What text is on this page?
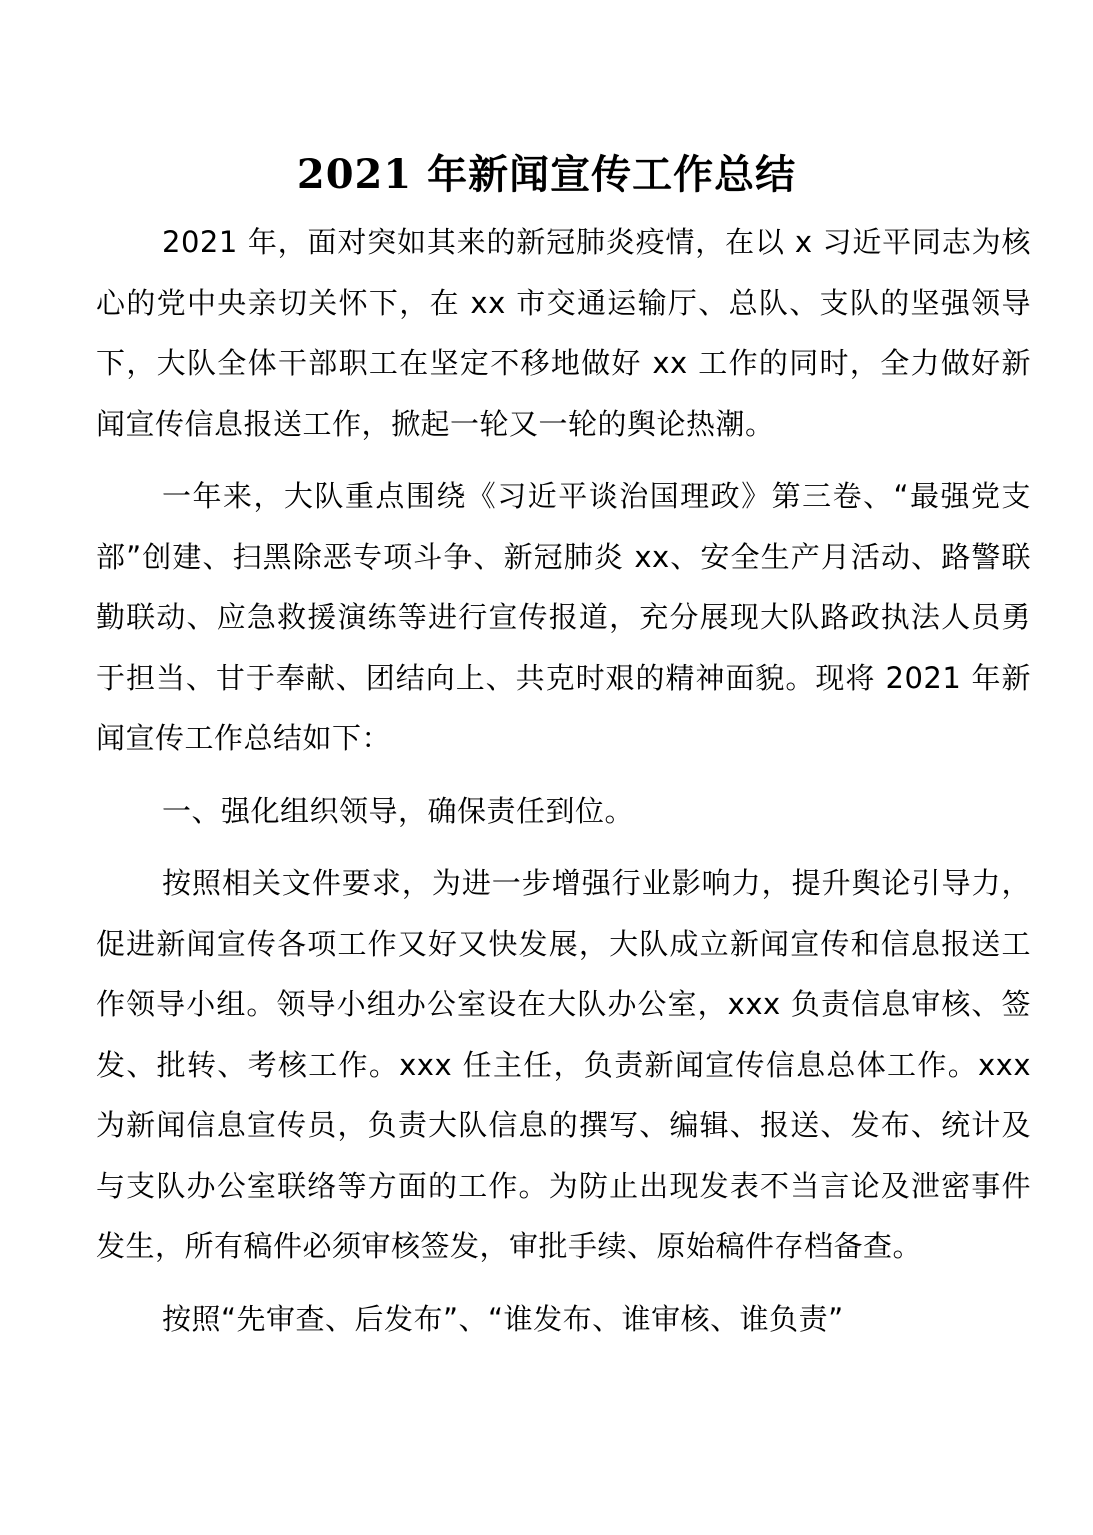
2021 年新闻宣传工作总结

2021 年，面对突如其来的新冠肺炎疫情，在以 x 习近平同志为核心的党中央亲切关怀下，在 xx 市交通运输厅、总队、支队的坚强领导下，大队全体干部职工在坚定不移地做好 xx 工作的同时，全力做好新闻宣传信息报送工作，掀起一轮又一轮的舆论热潮。

一年来，大队重点围绕《习近平谈治国理政》第三卷、“最强党支部”创建、扫黑除恶专项斗争、新冠肺炎 xx、安全生产月活动、路警联勤联动、应急救援演练等进行宣传报道，充分展现大队路政执法人员勇于担当、甘于奉献、团结向上、共克时艰的精神面貌。现将 2021 年新闻宣传工作总结如下：

一、强化组织领导，确保责任到位。

按照相关文件要求，为进一步增强行业影响力，提升舆论引导力，促进新闻宣传各项工作又好又快发展，大队成立新闻宣传和信息报送工作领导小组。领导小组办公室设在大队办公室，xxx 负责信息审核、签发、批转、考核工作。xxx 任主任，负责新闻宣传信息总体工作。xxx 为新闻信息宣传员，负责大队信息的撰写、编辑、报送、发布、统计及与支队办公室联络等方面的工作。为防止出现发表不当言论及泄密事件发生，所有稿件必须审核签发，审批手续、原始稿件存档备查。

按照“先审查、后发布”、“谁发布、谁审核、谁负责”
